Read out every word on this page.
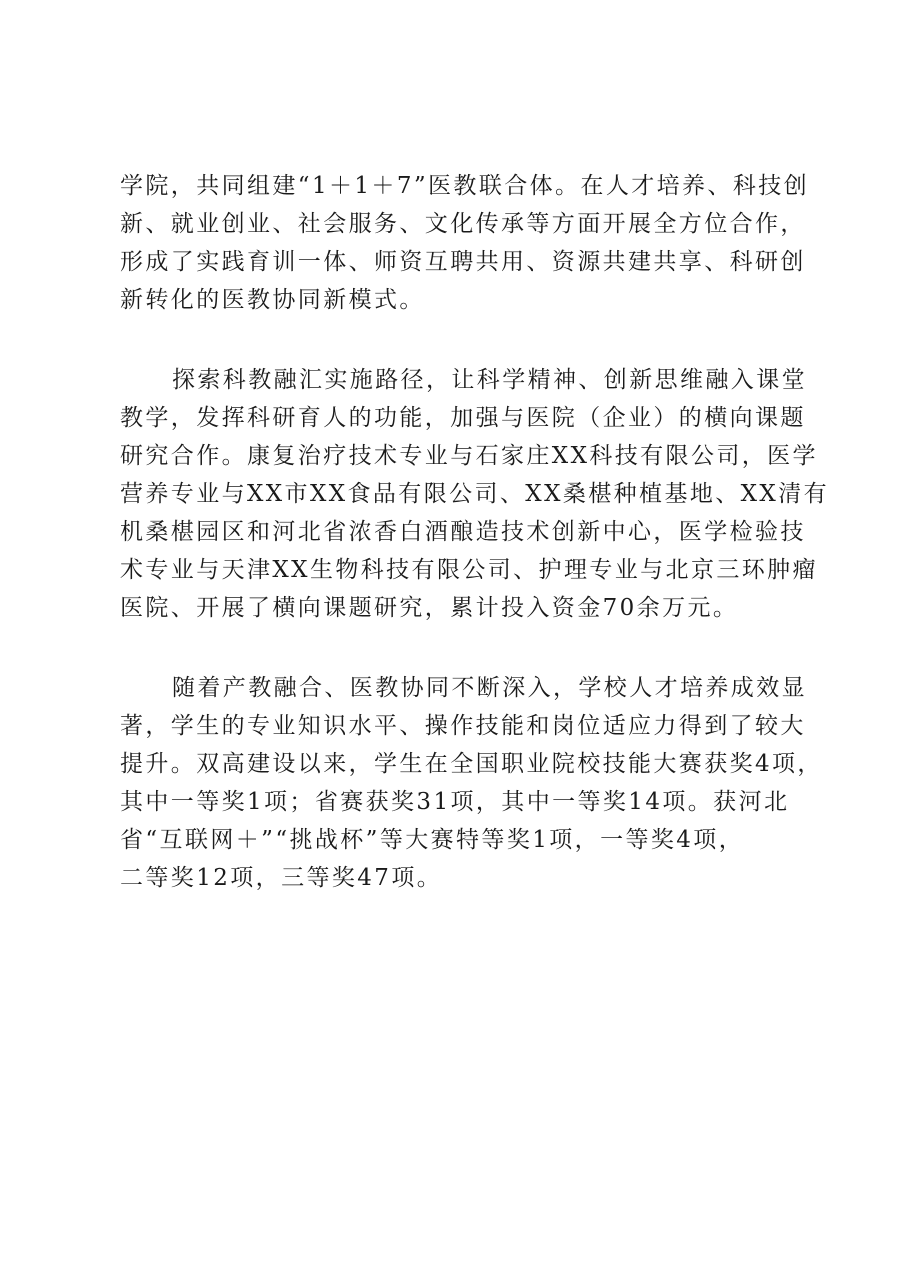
学院，共同组建“1＋1＋7”医教联合体。在人才培养、科技创
新、就业创业、社会服务、文化传承等方面开展全方位合作，
形成了实践育训一体、师资互聘共用、资源共建共享、科研创
新转化的医教协同新模式。
探索科教融汇实施路径，让科学精神、创新思维融入课堂
教学，发挥科研育人的功能，加强与医院（企业）的横向课题
研究合作。康复治疗技术专业与石家庄XX科技有限公司，医学
营养专业与XX市XX食品有限公司、XX桑椹种植基地、XX清有
机桑椹园区和河北省浓香白酒酿造技术创新中心，医学检验技
术专业与天津XX生物科技有限公司、护理专业与北京三环肿瘤
医院、开展了横向课题研究，累计投入资金70余万元。
随着产教融合、医教协同不断深入，学校人才培养成效显
著，学生的专业知识水平、操作技能和岗位适应力得到了较大
提升。双高建设以来，学生在全国职业院校技能大赛获奖4项，
其中一等奖1项；省赛获奖31项，其中一等奖14项。获河北
省“互联网＋”“挑战杯”等大赛特等奖1项，一等奖4项，
二等奖12项，三等奖47项。
